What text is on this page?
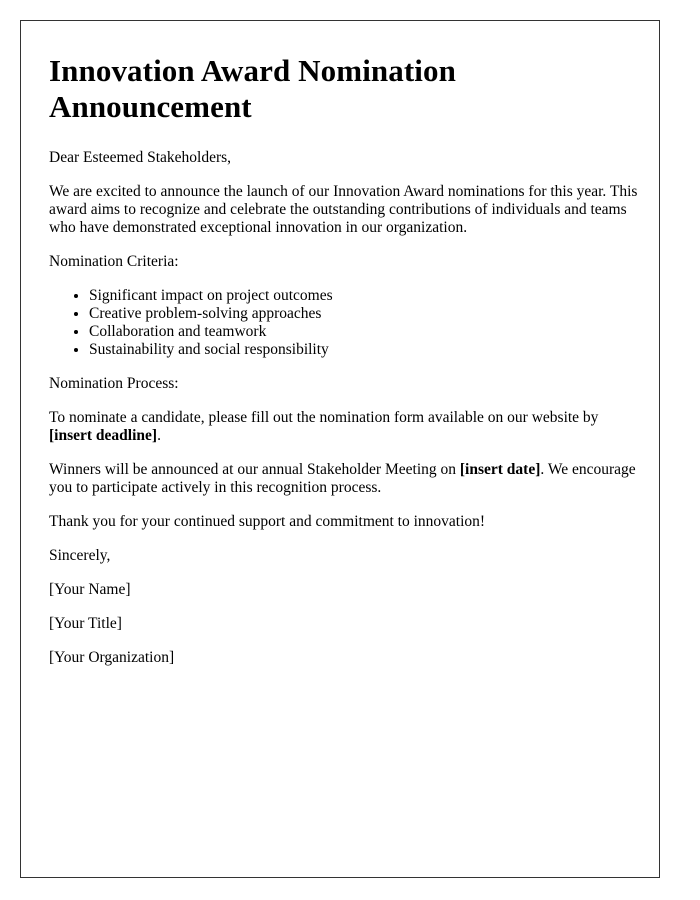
Innovation Award Nomination Announcement

Dear Esteemed Stakeholders,

We are excited to announce the launch of our Innovation Award nominations for this year. This award aims to recognize and celebrate the outstanding contributions of individuals and teams who have demonstrated exceptional innovation in our organization.

Nomination Criteria:

• Significant impact on project outcomes
• Creative problem-solving approaches
• Collaboration and teamwork
• Sustainability and social responsibility

Nomination Process:

To nominate a candidate, please fill out the nomination form available on our website by [insert deadline].

Winners will be announced at our annual Stakeholder Meeting on [insert date]. We encourage you to participate actively in this recognition process.

Thank you for your continued support and commitment to innovation!

Sincerely,

[Your Name]

[Your Title]

[Your Organization]
